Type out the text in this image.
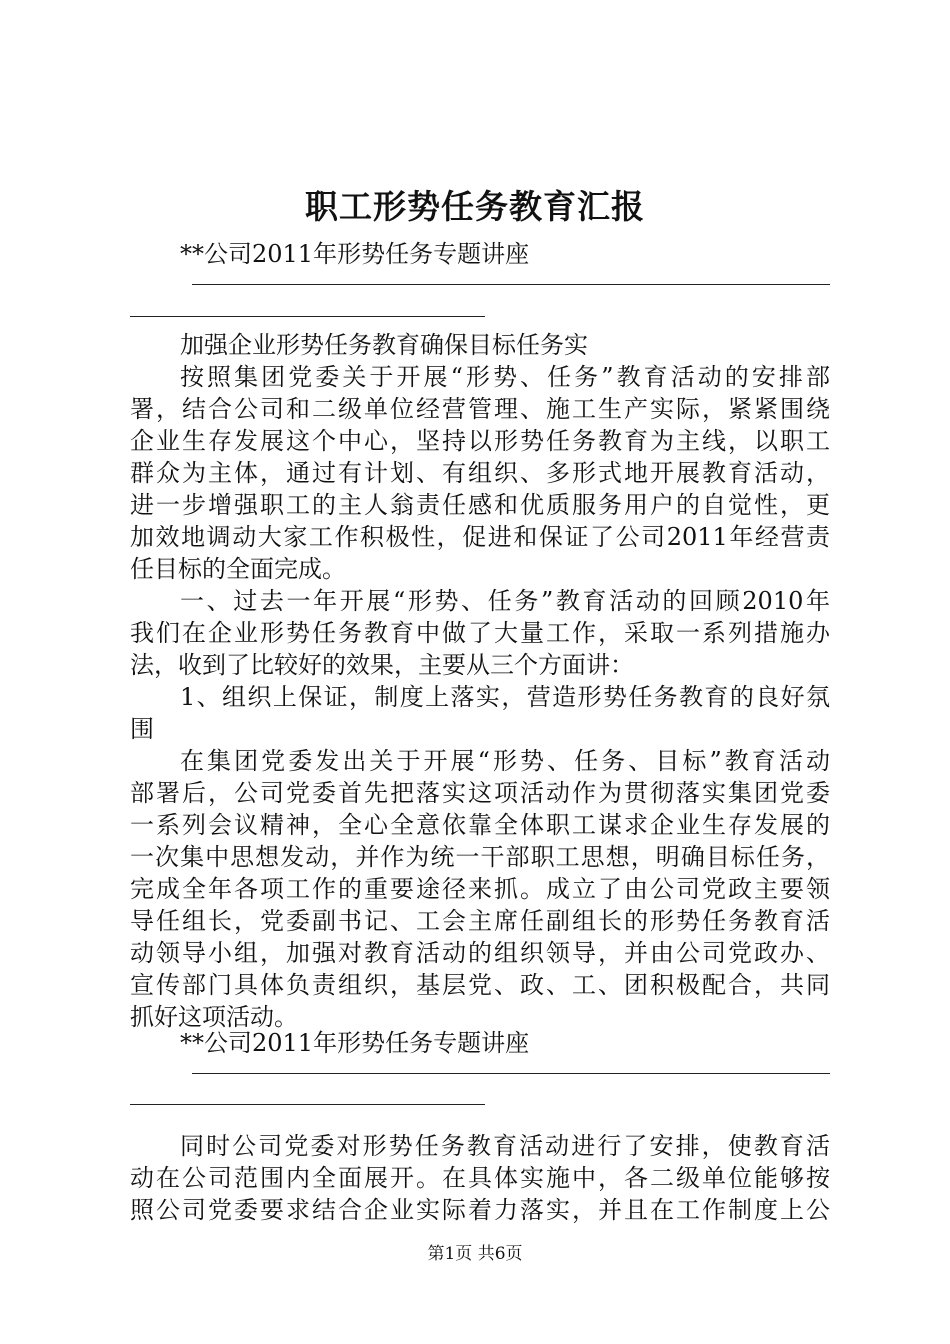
职工形势任务教育汇报
**公司2011年形势任务专题讲座
加强企业形势任务教育确保目标任务实
按照集团党委关于开展“形势、任务”教育活动的安排部
署，结合公司和二级单位经营管理、施工生产实际，紧紧围绕
企业生存发展这个中心，坚持以形势任务教育为主线，以职工
群众为主体，通过有计划、有组织、多形式地开展教育活动，
进一步增强职工的主人翁责任感和优质服务用户的自觉性，更
加效地调动大家工作积极性，促进和保证了公司2011年经营责
任目标的全面完成。
一、过去一年开展“形势、任务”教育活动的回顾2010年
我们在企业形势任务教育中做了大量工作，采取一系列措施办
法，收到了比较好的效果，主要从三个方面讲：
1、组织上保证，制度上落实，营造形势任务教育的良好氛
围
在集团党委发出关于开展“形势、任务、目标”教育活动
部署后，公司党委首先把落实这项活动作为贯彻落实集团党委
一系列会议精神，全心全意依靠全体职工谋求企业生存发展的
一次集中思想发动，并作为统一干部职工思想，明确目标任务，
完成全年各项工作的重要途径来抓。成立了由公司党政主要领
导任组长，党委副书记、工会主席任副组长的形势任务教育活
动领导小组，加强对教育活动的组织领导，并由公司党政办、
宣传部门具体负责组织，基层党、政、工、团积极配合，共同
抓好这项活动。
**公司2011年形势任务专题讲座
同时公司党委对形势任务教育活动进行了安排，使教育活
动在公司范围内全面展开。在具体实施中，各二级单位能够按
照公司党委要求结合企业实际着力落实，并且在工作制度上公
第1页 共6页
